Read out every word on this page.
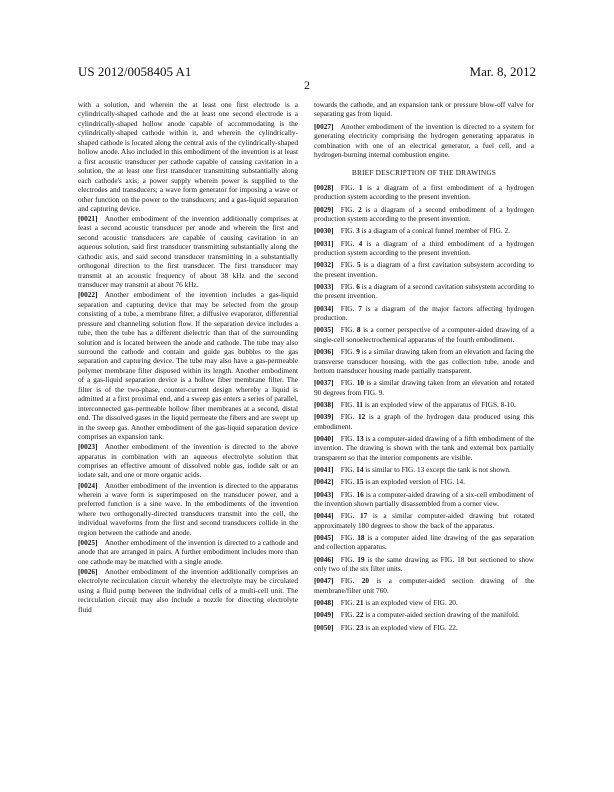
US 2012/0058405 A1	Mar. 8, 2012
2

with a solution, and wherein the at least one first electrode is a cylindrically-shaped cathode and the at least one second electrode is a cylindrically-shaped hollow anode capable of accommodating is the cylindrically-shaped cathode within it, and wherein the cylindrically-shaped cathode is located along the central axis of the cylindrically-shaped hollow anode. Also included in this embodiment of the invention is at least a first acoustic transducer per cathode capable of causing cavitation in a solution, the at least one first transducer transmitting substantially along each cathode's axis; a power supply wherein power is supplied to the electrodes and transducers; a wave form generator for imposing a wave or other function on the power to the transducers; and a gas-liquid separation and capturing device.

[0021]  Another embodiment of the invention additionally comprises at least a second acoustic transducer per anode and wherein the first and second acoustic transducers are capable of causing cavitation in an aqueous solution, said first transducer transmitting substantially along the cathodic axis, and said second transducer transmitting in a substantially orthogonal direction to the first transducer. The first transducer may transmit at an acoustic frequency of about 38 kHz and the second transducer may transmit at about 76 kHz.

[0022]  Another embodiment of the invention includes a gas-liquid separation and capturing device that may be selected from the group consisting of a tube, a membrane filter, a diffusive evaporator, differential pressure and channeling solution flow. If the separation device includes a tube, then the tube has a different dielectric than that of the surrounding solution and is located between the anode and cathode. The tube may also surround the cathode and contain and guide gas bubbles to the gas separation and capturing device. The tube may also have a gas-permeable polymer membrane filter disposed within its length. Another embodiment of a gas-liquid separation device is a hollow fiber membrane filter. The filter is of the two-phase, counter-current design whereby a liquid is admitted at a first proximal end, and a sweep gas enters a series of parallel, interconnected gas-permeable hollow fiber membranes at a second, distal end. The dissolved gases in the liquid permeate the fibers and are swept up in the sweep gas. Another embodiment of the gas-liquid separation device comprises an expansion tank.

[0023]  Another embodiment of the invention is directed to the above apparatus in combination with an aqueous electrolyte solution that comprises an effective amount of dissolved noble gas, iodide salt or an iodate salt, and one or more organic acids.

[0024]  Another embodiment of the invention is directed to the apparatus wherein a wave form is superimposed on the transducer power, and a preferred function is a sine wave. In the embodiments of the invention where two orthogonally-directed transducers transmit into the cell, the individual waveforms from the first and second transducers collide in the region between the cathode and anode.

[0025]  Another embodiment of the invention is directed to a cathode and anode that are arranged in pairs. A further embodiment includes more than one cathode may be matched with a single anode.

[0026]  Another embodiment of the invention additionally comprises an electrolyte recirculation circuit whereby the electrolyte may be circulated using a fluid pump between the individual cells of a multi-cell unit. The recirculation circuit may also include a nozzle for directing electrolyte fluid

towards the cathode, and an expansion tank or pressure blow-off valve for separating gas from liquid.

[0027]  Another embodiment of the invention is directed to a system for generating electricity comprising the hydrogen generating apparatus in combination with one of an electrical generator, a fuel cell, and a hydrogen-burning internal combustion engine.

BRIEF DESCRIPTION OF THE DRAWINGS

[0028]  FIG. 1 is a diagram of a first embodiment of a hydrogen production system according to the present invention.

[0029]  FIG. 2 is a diagram of a second embodiment of a hydrogen production system according to the present invention.

[0030]  FIG. 3 is a diagram of a conical funnel member of FIG. 2.

[0031]  FIG. 4 is a diagram of a third embodiment of a hydrogen production system according to the present invention.

[0032]  FIG. 5 is a diagram of a first cavitation subsystem according to the present invention.

[0033]  FIG. 6 is a diagram of a second cavitation subsystem according to the present invention.

[0034]  FIG. 7 is a diagram of the major factors affecting hydrogen production.

[0035]  FIG. 8 is a corner perspective of a computer-aided drawing of a single-cell sonoelectrochemical apparatus of the fourth embodiment.

[0036]  FIG. 9 is a similar drawing taken from an elevation and facing the transverse transducer housing, with the gas collection tube, anode and bottom transducer housing made partially transparent.

[0037]  FIG. 10 is a similar drawing taken from an elevation and rotated 90 degrees from FIG. 9.

[0038]  FIG. 11 is an exploded view of the apparatus of FIGS. 8-10.

[0039]  FIG. 12 is a graph of the hydrogen data produced using this embodiment.

[0040]  FIG. 13 is a computer-aided drawing of a fifth embodiment of the invention. The drawing is shown with the tank and external box partially transparent so that the interior components are visible.

[0041]  FIG. 14 is similar to FIG. 13 except the tank is not shown.

[0042]  FIG. 15 is an exploded version of FIG. 14.

[0043]  FIG. 16 is a computer-aided drawing of a six-cell embodiment of the invention shown partially disassembled from a corner view.

[0044]  FIG. 17 is a similar computer-aided drawing but rotated approximately 180 degrees to show the back of the apparatus.

[0045]  FIG. 18 is a computer aided line drawing of the gas separation and collection apparatus.

[0046]  FIG. 19 is the same drawing as FIG. 18 but sectioned to show only two of the six filter units.

[0047]  FIG. 20 is a computer-aided section drawing of the membrane/filter unit 760.

[0048]  FIG. 21 is an exploded view of FIG. 20.

[0049]  FIG. 22 is a computer-aided section drawing of the manifold.

[0050]  FIG. 23 is an exploded view of FIG. 22.
